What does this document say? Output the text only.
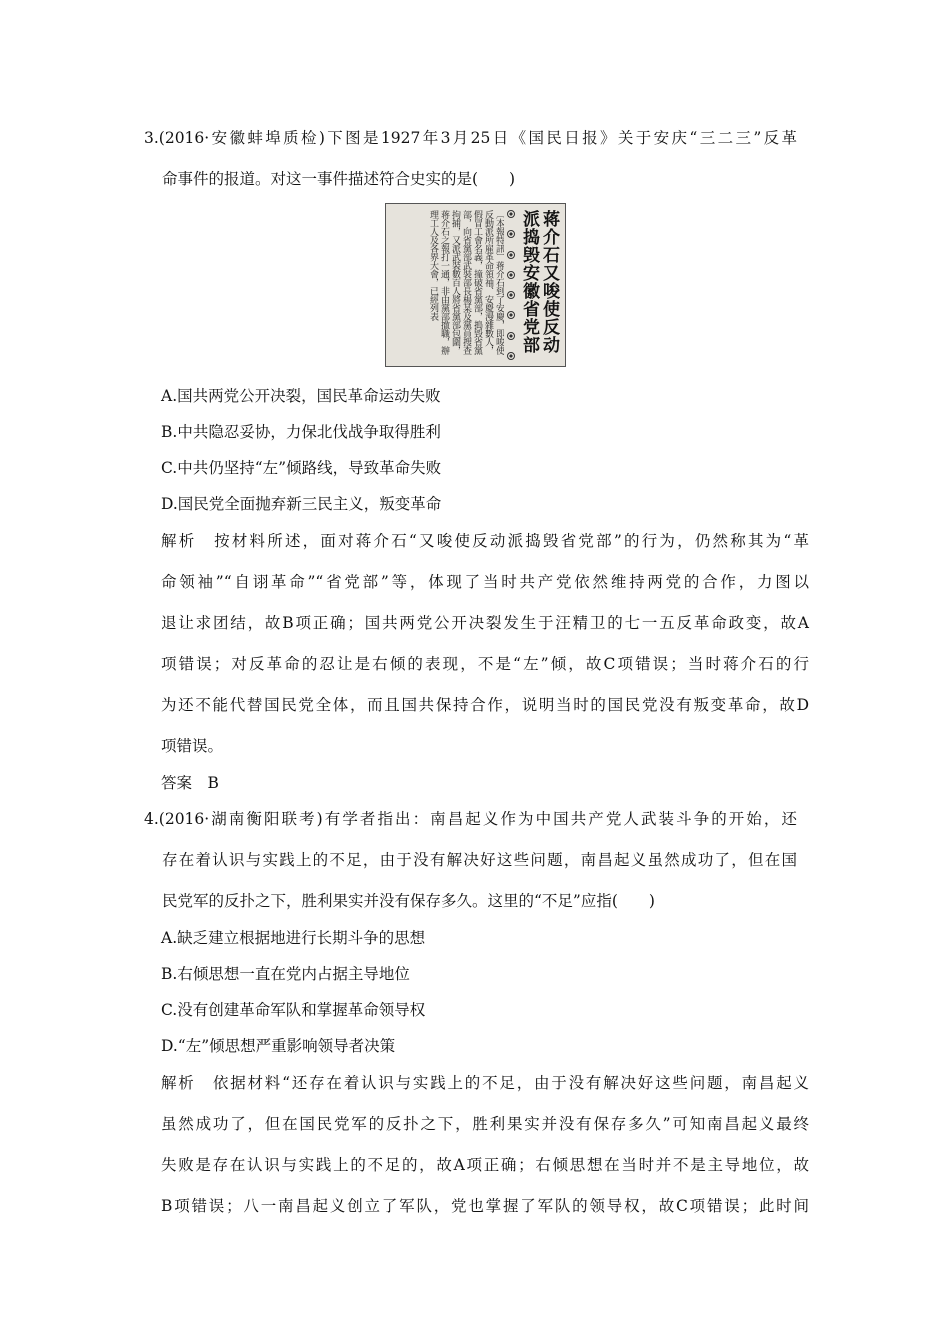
3.(2016·安徽蚌埠质检)下图是1927年3月25日《国民日报》关于安庆“三二三”反革
命事件的报道。对这一事件描述符合史实的是(　　)
蒋介石又唆使反动派捣毁安徽省党部
〔本報特訊〕蒋介石到了安慶，即唆使反動派所雇革命領袖、安慶漫雜數人，假冒工會名義，撞破省黨部，搗毀省黨部，向省黨部武裝部長楊某及黨員搜查拘捕，又派武裝數百人將省黨部包圍，蒋介石之報打一通，非由黨部撤職，辦理工人及各界大會，已經列表
A.国共两党公开决裂，国民革命运动失败
B.中共隐忍妥协，力保北伐战争取得胜利
C.中共仍坚持“左”倾路线，导致革命失败
D.国民党全面抛弃新三民主义，叛变革命
解析　按材料所述，面对蒋介石“又唆使反动派捣毁省党部”的行为，仍然称其为“革
命领袖”“自诩革命”“省党部”等，体现了当时共产党依然维持两党的合作，力图以
退让求团结，故B项正确；国共两党公开决裂发生于汪精卫的七一五反革命政变，故A
项错误；对反革命的忍让是右倾的表现，不是“左”倾，故C项错误；当时蒋介石的行
为还不能代替国民党全体，而且国共保持合作，说明当时的国民党没有叛变革命，故D
项错误。
答案　B
4.(2016·湖南衡阳联考)有学者指出：南昌起义作为中国共产党人武装斗争的开始，还
存在着认识与实践上的不足，由于没有解决好这些问题，南昌起义虽然成功了，但在国
民党军的反扑之下，胜利果实并没有保存多久。这里的“不足”应指(　　)
A.缺乏建立根据地进行长期斗争的思想
B.右倾思想一直在党内占据主导地位
C.没有创建革命军队和掌握革命领导权
D.“左”倾思想严重影响领导者决策
解析　依据材料“还存在着认识与实践上的不足，由于没有解决好这些问题，南昌起义
虽然成功了，但在国民党军的反扑之下，胜利果实并没有保存多久”可知南昌起义最终
失败是存在认识与实践上的不足的，故A项正确；右倾思想在当时并不是主导地位，故
B项错误；八一南昌起义创立了军队，党也掌握了军队的领导权，故C项错误；此时间
